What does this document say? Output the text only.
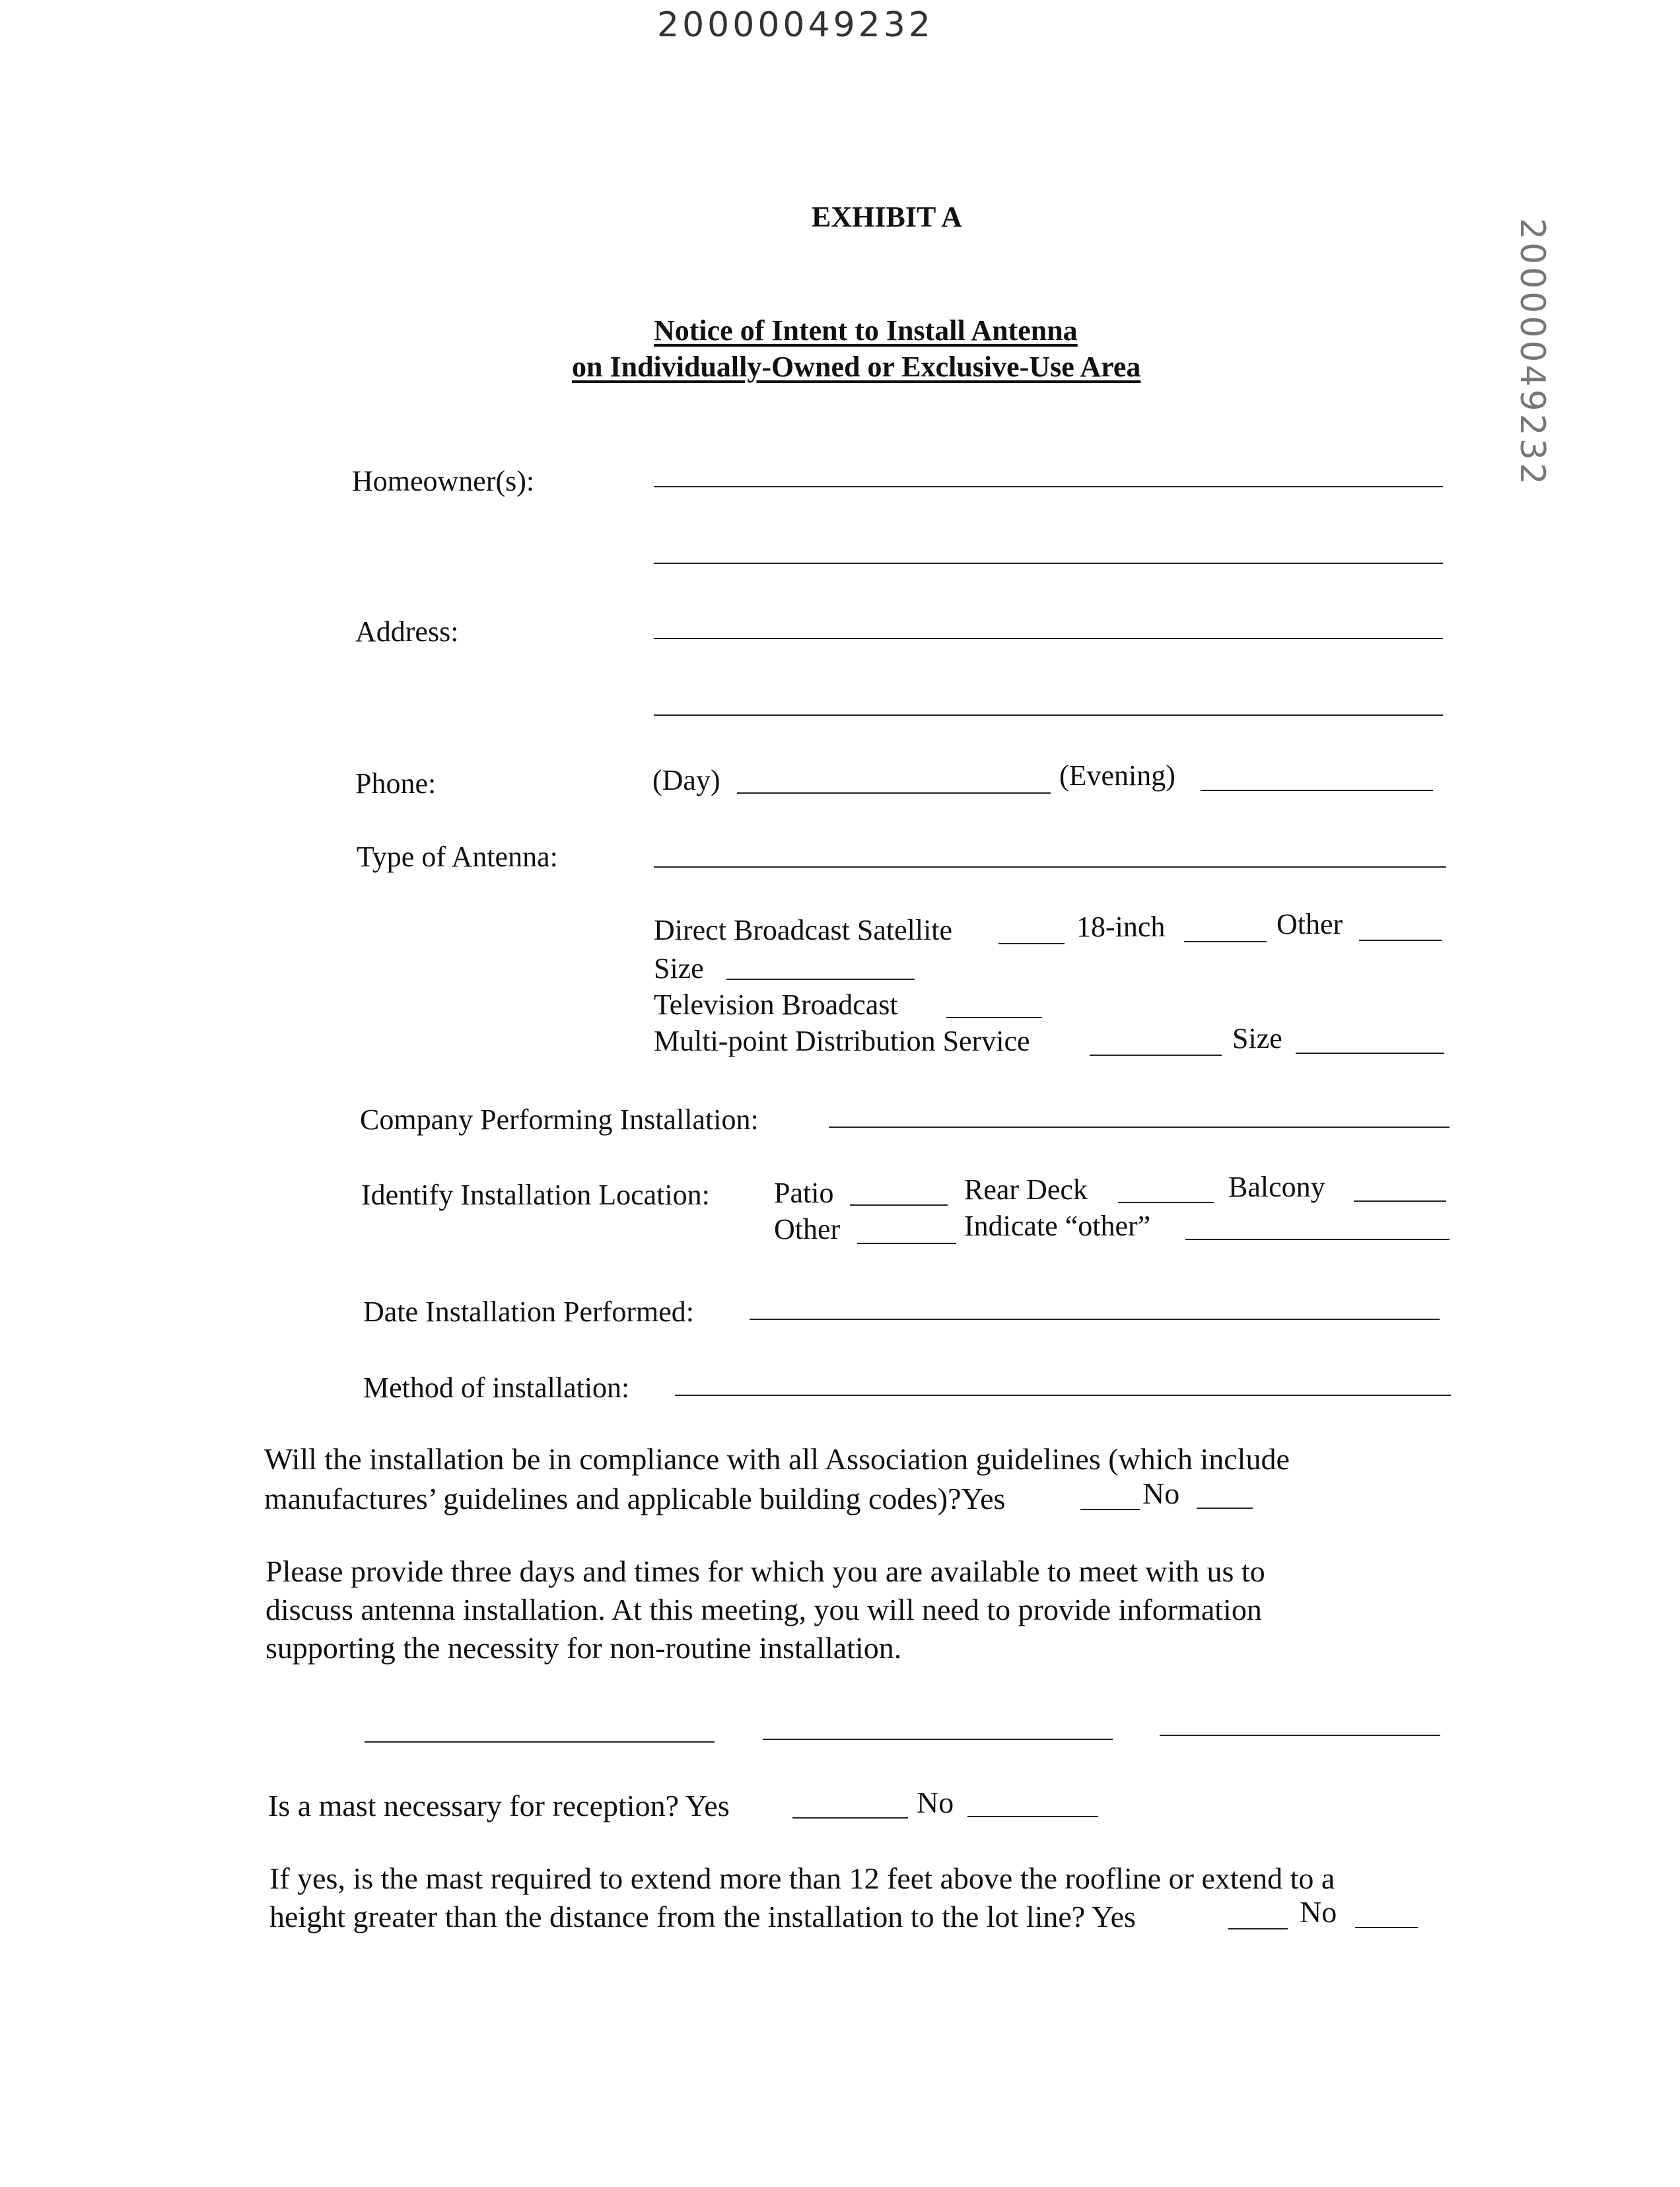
20000049232
20000049232
EXHIBIT A
Notice of Intent to Install Antenna
on Individually-Owned or Exclusive-Use Area
Homeowner(s):
Address:
Phone:	(Day)	(Evening)
Type of Antenna:
Direct Broadcast Satellite	18-inch	Other
Size
Television Broadcast
Multi-point Distribution Service	Size
Company Performing Installation:
Identify Installation Location: Patio	Rear Deck	Balcony
Other	Indicate “other”
Date Installation Performed:
Method of installation:
Will the installation be in compliance with all Association guidelines (which include
manufactures’ guidelines and applicable building codes)?Yes	No
Please provide three days and times for which you are available to meet with us to
discuss antenna installation. At this meeting, you will need to provide information
supporting the necessity for non-routine installation.
Is a mast necessary for reception? Yes	No
If yes, is the mast required to extend more than 12 feet above the roofline or extend to a
height greater than the distance from the installation to the lot line? Yes	No
